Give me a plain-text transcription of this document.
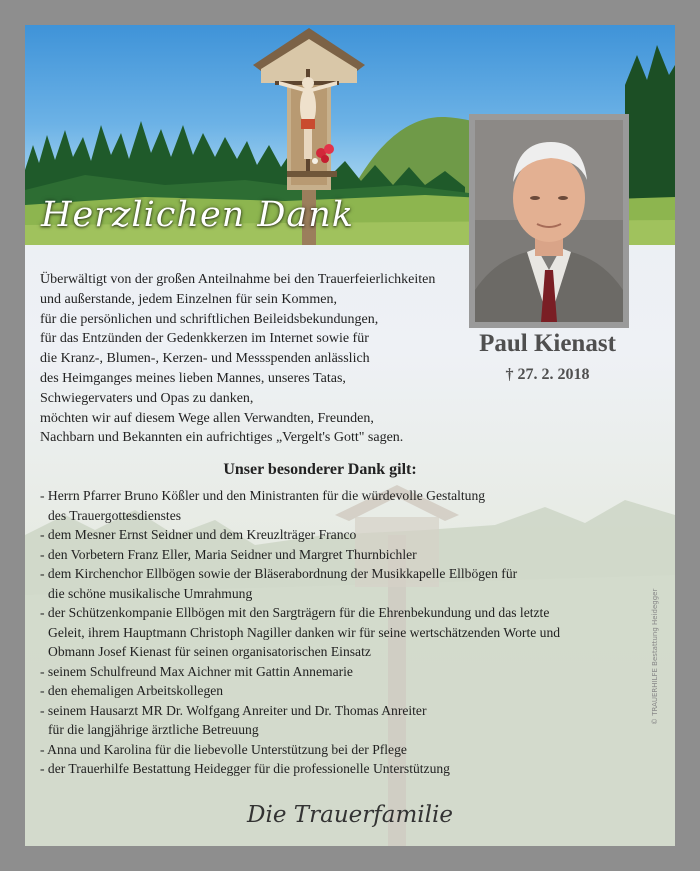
Herzlichen Dank
Paul Kienast
† 27. 2. 2018

Überwältigt von der großen Anteilnahme bei den Trauerfeierlichkeiten
und außerstande, jedem Einzelnen für sein Kommen,
für die persönlichen und schriftlichen Beileidsbekundungen,
für das Entzünden der Gedenkkerzen im Internet sowie für
die Kranz-, Blumen-, Kerzen- und Messspenden anlässlich
des Heimganges meines lieben Mannes, unseres Tatas,
Schwiegervaters und Opas zu danken,
möchten wir auf diesem Wege allen Verwandten, Freunden,
Nachbarn und Bekannten ein aufrichtiges „Vergelt's Gott" sagen.

Unser besonderer Dank gilt:
- Herrn Pfarrer Bruno Kößler und den Ministranten für die würdevolle Gestaltung
des Trauergottesdienstes
- dem Mesner Ernst Seidner und dem Kreuzlträger Franco
- den Vorbetern Franz Eller, Maria Seidner und Margret Thurnbichler
- dem Kirchenchor Ellbögen sowie der Bläserabordnung der Musikkapelle Ellbögen für
die schöne musikalische Umrahmung
- der Schützenkompanie Ellbögen mit den Sargträgern für die Ehrenbekundung und das letzte
Geleit, ihrem Hauptmann Christoph Nagiller danken wir für seine wertschätzenden Worte und
Obmann Josef Kienast für seinen organisatorischen Einsatz
- seinem Schulfreund Max Aichner mit Gattin Annemarie
- den ehemaligen Arbeitskollegen
- seinem Hausarzt MR Dr. Wolfgang Anreiter und Dr. Thomas Anreiter
für die langjährige ärztliche Betreuung
- Anna und Karolina für die liebevolle Unterstützung bei der Pflege
- der Trauerhilfe Bestattung Heidegger für die professionelle Unterstützung
Die Trauerfamilie
© TRAUERHILFE Bestattung Heidegger
